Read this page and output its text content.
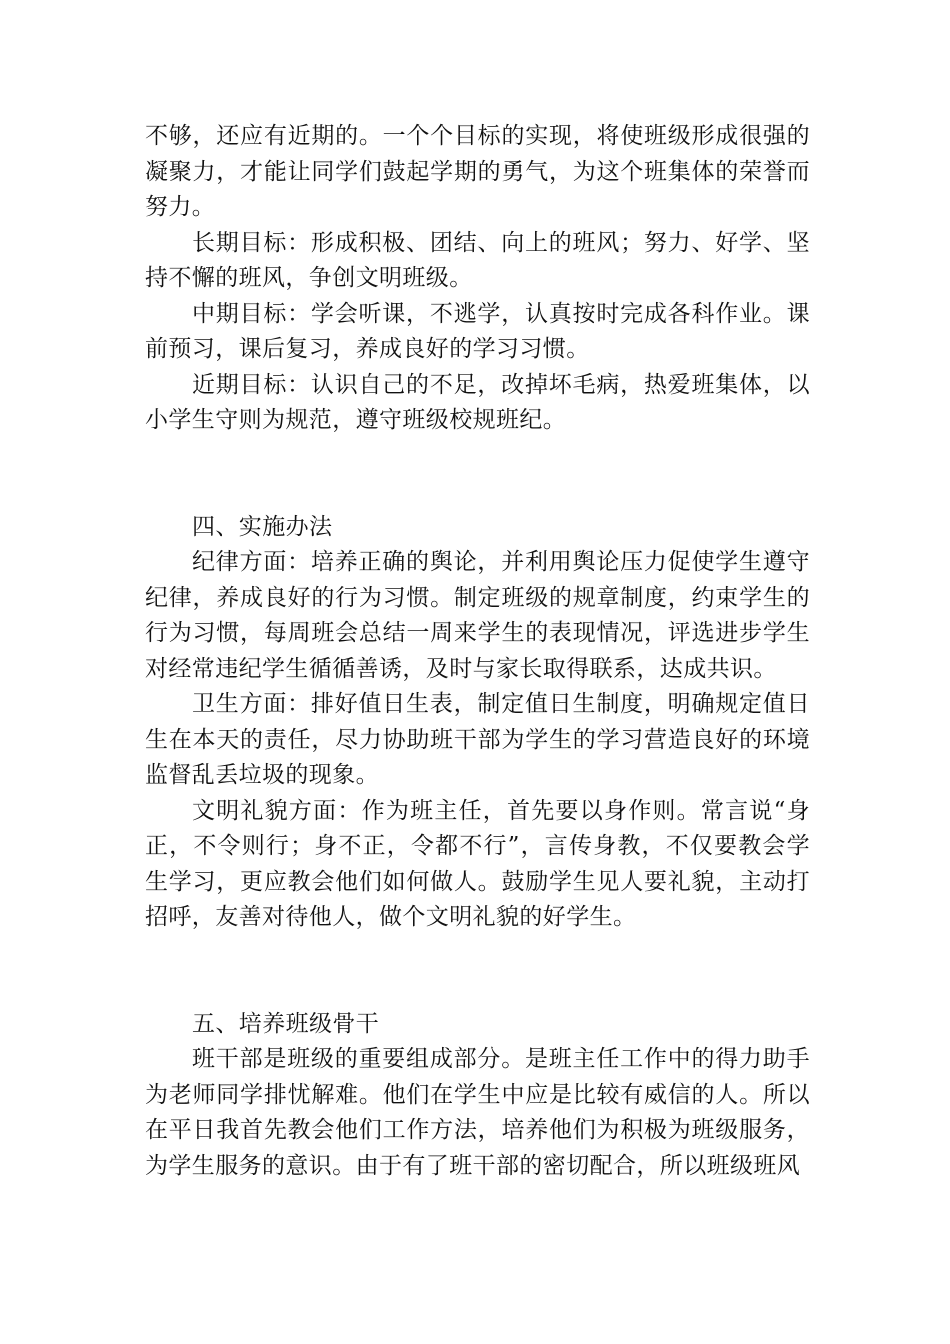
不够，还应有近期的。一个个目标的实现，将使班级形成很强的凝聚力，才能让同学们鼓起学期的勇气，为这个班集体的荣誉而努力。

长期目标：形成积极、团结、向上的班风；努力、好学、坚持不懈的班风，争创文明班级。

中期目标：学会听课，不逃学，认真按时完成各科作业。课前预习，课后复习，养成良好的学习习惯。

近期目标：认识自己的不足，改掉坏毛病，热爱班集体，以小学生守则为规范，遵守班级校规班纪。

四、实施办法

纪律方面：培养正确的舆论，并利用舆论压力促使学生遵守纪律，养成良好的行为习惯。制定班级的规章制度，约束学生的行为习惯，每周班会总结一周来学生的表现情况，评选进步学生对经常违纪学生循循善诱，及时与家长取得联系，达成共识。

卫生方面：排好值日生表，制定值日生制度，明确规定值日生在本天的责任，尽力协助班干部为学生的学习营造良好的环境监督乱丢垃圾的现象。

文明礼貌方面：作为班主任，首先要以身作则。常言说“身正，不令则行；身不正，令都不行”，言传身教，不仅要教会学生学习，更应教会他们如何做人。鼓励学生见人要礼貌，主动打招呼，友善对待他人，做个文明礼貌的好学生。

五、培养班级骨干

班干部是班级的重要组成部分。是班主任工作中的得力助手为老师同学排忧解难。他们在学生中应是比较有威信的人。所以在平日我首先教会他们工作方法，培养他们为积极为班级服务，为学生服务的意识。由于有了班干部的密切配合，所以班级班风
